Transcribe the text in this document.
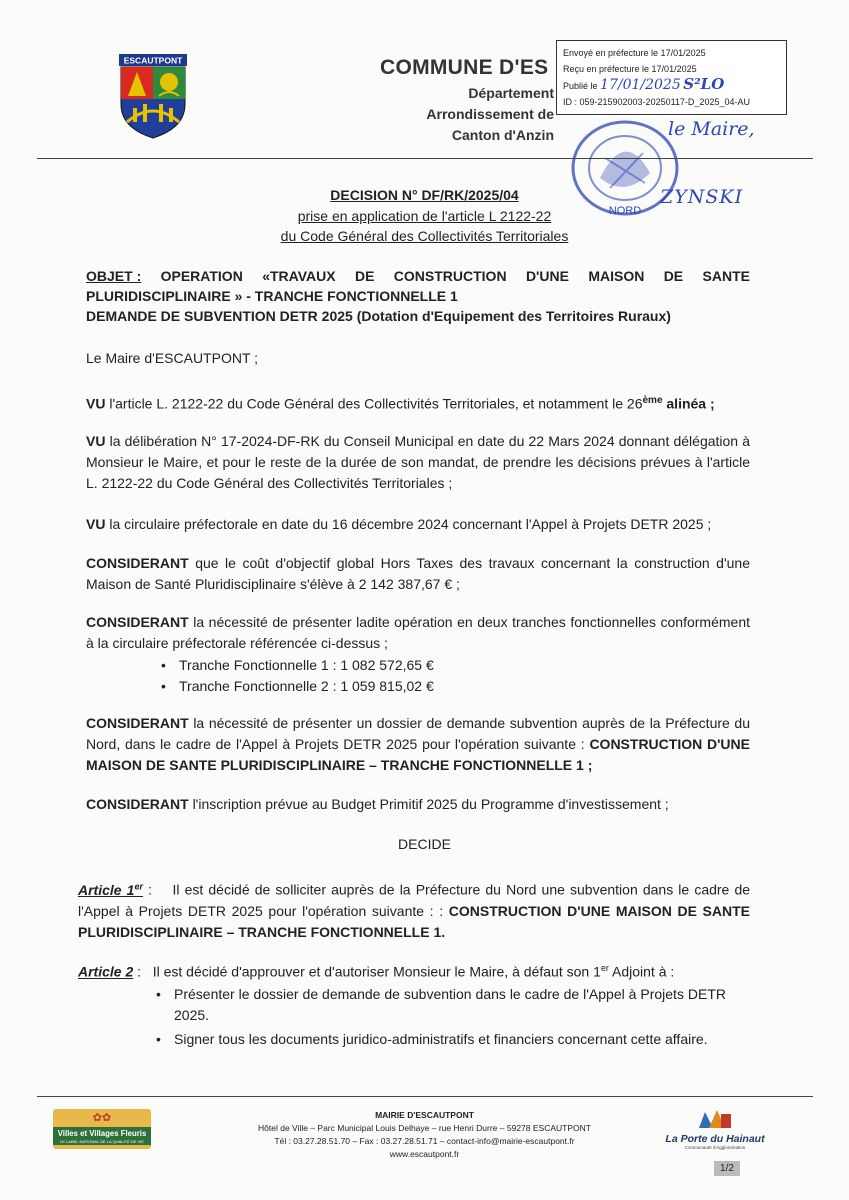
ESCAUTPONT	COMMUNE D'ES
Département
Arrondissement de
Canton d'Anzin
Envoyé en préfecture le 17/01/2025
Reçu en préfecture le 17/01/2025
Publié le 17/01/2025 S²LO
ID : 059-215902003-20250117-D_2025_04-AU
NORD
le Maire,
ZYNSKI
DECISION N° DF/RK/2025/04
prise en application de l'article L 2122-22
du Code Général des Collectivités Territoriales
OBJET : OPERATION «TRAVAUX DE CONSTRUCTION D'UNE MAISON DE SANTE
PLURIDISCIPLINAIRE » - TRANCHE FONCTIONNELLE 1
DEMANDE DE SUBVENTION DETR 2025 (Dotation d'Equipement des Territoires Ruraux)
Le Maire d'ESCAUTPONT ;
VU l'article L. 2122-22 du Code Général des Collectivités Territoriales, et notamment le 26ème alinéa ;
VU la délibération N° 17-2024-DF-RK du Conseil Municipal en date du 22 Mars 2024 donnant délégation à Monsieur le Maire, et pour le reste de la durée de son mandat, de prendre les décisions prévues à l'article L. 2122-22 du Code Général des Collectivités Territoriales ;
VU la circulaire préfectorale en date du 16 décembre 2024 concernant l'Appel à Projets DETR 2025 ;
CONSIDERANT que le coût d'objectif global Hors Taxes des travaux concernant la construction d'une Maison de Santé Pluridisciplinaire s'élève à 2 142 387,67 € ;
CONSIDERANT la nécessité de présenter ladite opération en deux tranches fonctionnelles conformément à la circulaire préfectorale référencée ci-dessus ;
• Tranche Fonctionnelle 1 : 1 082 572,65 €
• Tranche Fonctionnelle 2 : 1 059 815,02 €
CONSIDERANT la nécessité de présenter un dossier de demande subvention auprès de la Préfecture du Nord, dans le cadre de l'Appel à Projets DETR 2025 pour l'opération suivante : CONSTRUCTION D'UNE MAISON DE SANTE PLURIDISCIPLINAIRE – TRANCHE FONCTIONNELLE 1 ;
CONSIDERANT l'inscription prévue au Budget Primitif 2025 du Programme d'investissement ;
DECIDE
Article 1er : Il est décidé de solliciter auprès de la Préfecture du Nord une subvention dans le cadre de l'Appel à Projets DETR 2025 pour l'opération suivante : : CONSTRUCTION D'UNE MAISON DE SANTE PLURIDISCIPLINAIRE – TRANCHE FONCTIONNELLE 1.
Article 2 : Il est décidé d'approuver et d'autoriser Monsieur le Maire, à défaut son 1er Adjoint à :
• Présenter le dossier de demande de subvention dans le cadre de l'Appel à Projets DETR 2025.
• Signer tous les documents juridico-administratifs et financiers concernant cette affaire.
✿✿
Villes et Villages Fleuris
LE LABEL NATIONAL DE LA QUALITÉ DE VIE
MAIRIE D'ESCAUTPONT
Hôtel de Ville – Parc Municipal Louis Delhaye – rue Henri Durre – 59278 ESCAUTPONT
Tél : 03.27.28.51.70 – Fax : 03.27.28.51.71 – contact-info@mairie-escautpont.fr
www.escautpont.fr
La Porte du Hainaut
Communauté d'Agglomération
1/2
